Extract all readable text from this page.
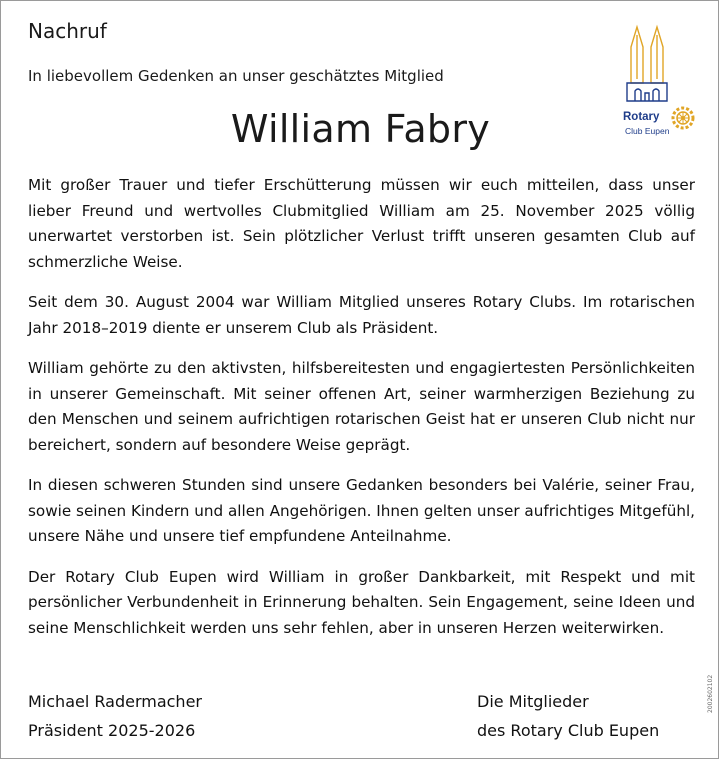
Nachruf
In liebevollem Gedenken an unser geschätztes Mitglied
William Fabry	Rotary
Club Eupen

Mit großer Trauer und tiefer Erschütterung müssen wir euch mitteilen, dass unser lieber Freund und wertvolles Clubmitglied William am 25. November 2025 völlig unerwartet verstorben ist. Sein plötzlicher Verlust trifft unseren gesamten Club auf schmerzliche Weise.

Seit dem 30. August 2004 war William Mitglied unseres Rotary Clubs. Im rotarischen Jahr 2018–2019 diente er unserem Club als Präsident.

William gehörte zu den aktivsten, hilfsbereitesten und engagiertesten Persönlichkeiten in unserer Gemeinschaft. Mit seiner offenen Art, seiner warmherzigen Beziehung zu den Menschen und seinem aufrichtigen rotarischen Geist hat er unseren Club nicht nur bereichert, sondern auf besondere Weise geprägt.

In diesen schweren Stunden sind unsere Gedanken besonders bei Valérie, seiner Frau, sowie seinen Kindern und allen Angehörigen. Ihnen gelten unser aufrichtiges Mitgefühl, unsere Nähe und unsere tief empfundene Anteilnahme.

Der Rotary Club Eupen wird William in großer Dankbarkeit, mit Respekt und mit persönlicher Verbundenheit in Erinnerung behalten. Sein Engagement, seine Ideen und seine Menschlichkeit werden uns sehr fehlen, aber in unseren Herzen weiterwirken.

Michael Radermacher
Präsident 2025-2026
Die Mitglieder
des Rotary Club Eupen
2002602102
